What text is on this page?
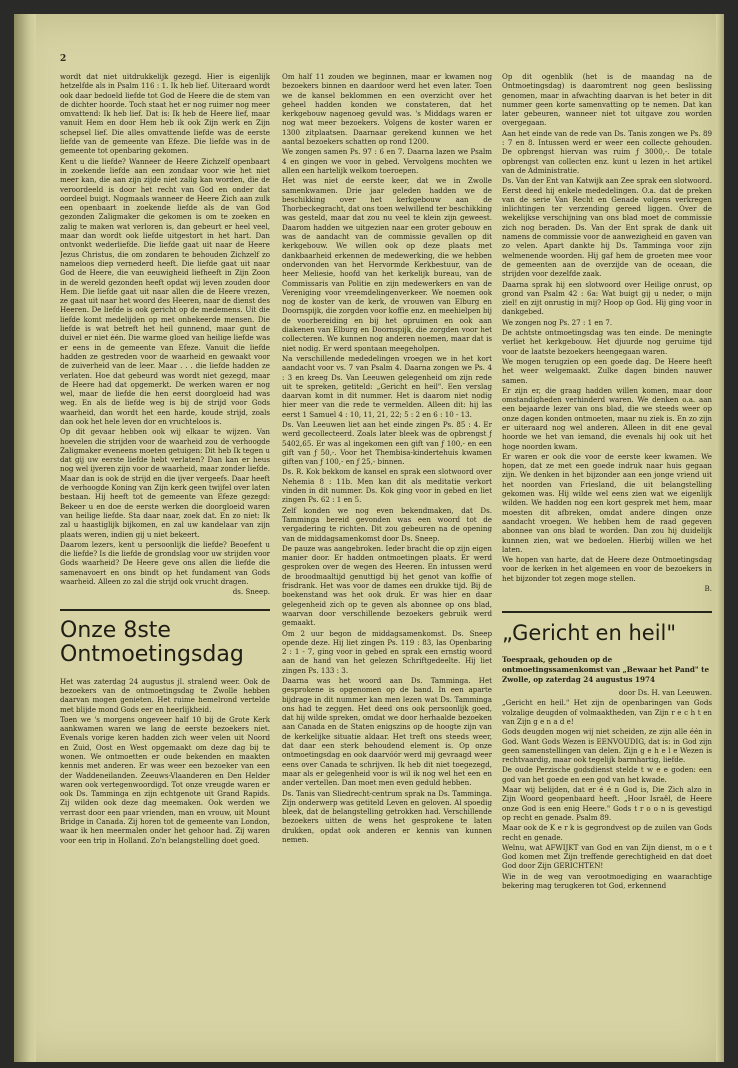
2

wordt dat niet uitdrukkelijk gezegd. Hier is eigenlijk hetzelfde als in Psalm 116 : 1. Ik heb lief. Uiteraard wordt ook daar bedoeld liefde tot God de Heere die de stem van de dichter hoorde. Toch staat het er nog ruimer nog meer omvattend: Ik heb lief. Dat is: Ik heb de Heere lief, maar vanuit Hem en door Hem heb ik ook Zijn werk en Zijn schepsel lief. Die alles omvattende liefde was de eerste liefde van de gemeente van Efeze. Die liefde was in de gemeente tot openbaring gekomen.

Kent u die liefde? Wanneer de Heere Zichzelf openbaart in zoekende liefde aan een zondaar voor wie het niet meer kan, die aan zijn zijde niet zalig kan worden, die de veroordeeld is door het recht van God en onder dat oordeel buigt. Nogmaals wanneer de Heere Zich aan zulk een openbaart in zoekende liefde als de van God gezonden Zaligmaker die gekomen is om te zoeken en zalig te maken wat verloren is, dan gebeurt er heel veel, maar dan wordt ook liefde uitgestort in het hart. Dan ontvonkt wederliefde. Die liefde gaat uit naar de Heere Jezus Christus, die om zondaren te behouden Zichzelf zo nameloos diep vernederd heeft. Die liefde gaat uit naar God de Heere, die van eeuwigheid liefheeft in Zijn Zoon in de wereld gezonden heeft opdat wij leven zouden door Hem. Die liefde gaat uit naar allen die de Heere vrezen, ze gaat uit naar het woord des Heeren, naar de dienst des Heeren. De liefde is ook gericht op de medemens. Uit die liefde komt medelijden op met onbekeerde mensen. Die liefde is wat betreft het heil gunnend, maar gunt de duivel er niet één. Die warme gloed van heilige liefde was er eens in de gemeente van Efeze. Vanuit die liefde hadden ze gestreden voor de waarheid en gewaakt voor de zuiverheid van de leer. Maar . . . die liefde hadden ze verlaten. Hoe dat gebeurd was wordt niet gezegd, maar de Heere had dat opgemerkt. De werken waren er nog wel, maar de liefde die hen eerst doorgloeid had was weg. En als de liefde weg is bij de strijd voor Gods waarheid, dan wordt het een harde, koude strijd, zoals dan ook het hele leven dor en vruchteloos is.

Op dit gevaar hebben ook wij elkaar te wijzen. Van hoevelen die strijden voor de waarheid zou de verhoogde Zaligmaker eveneens moeten getuigen: Dit heb Ik tegen u dat gij uw eerste liefde hebt verlaten? Dan kan er heus nog wel ijveren zijn voor de waarheid, maar zonder liefde. Maar dan is ook de strijd en die ijver vergeefs. Daar heeft de verhoogde Koning van Zijn kerk geen twijfel over laten bestaan. Hij heeft tot de gemeente van Efeze gezegd: Bekeer u en doe de eerste werken die doorgloeid waren van heilige liefde. Sta daar naar, zoek dat. En zo niet: Ik zal u haastiglijk bijkomen, en zal uw kandelaar van zijn plaats weren, indien gij u niet bekeert.

Daarom lezers, kent u persoonlijk die liefde? Beoefent u die liefde? Is die liefde de grondslag voor uw strijden voor Gods waarheid? De Heere geve ons allen die liefde die samenavoert en ons bindt op het fundament van Gods waarheid. Alleen zo zal die strijd ook vrucht dragen.

ds. Sneep.

Onze 8ste Ontmoetingsdag

Het was zaterdag 24 augustus jl. stralend weer. Ook de bezoekers van de ontmoetingsdag te Zwolle hebben daarvan mogen genieten. Het ruime hemelrond vertelde met blijde mond Gods eer en heerlijkheid.

Toen we 's morgens ongeveer half 10 bij de Grote Kerk aankwamen waren we lang de eerste bezoekers niet. Evenals vorige keren hadden zich weer velen uit Noord en Zuid, Oost en West opgemaakt om deze dag bij te wonen. We ontmoetten er oude bekenden en maakten kennis met anderen. Er was weer een bezoeker van een der Waddeneilanden. Zeeuws-Vlaanderen en Den Helder waren ook vertegenwoordigd. Tot onze vreugde waren er ook Ds. Tamminga en zijn echtgenote uit Grand Rapids. Zij wilden ook deze dag meemaken. Ook werden we verrast door een paar vrienden, man en vrouw, uit Mount Bridge in Canada. Zij horen tot de gemeente van London, waar ik hen meermalen onder het gehoor had. Zij waren voor een trip in Holland. Zo'n belangstelling doet goed.

Om half 11 zouden we beginnen, maar er kwamen nog bezoekers binnen en daardoor werd het even later. Toen we de kansel beklommen en een overzicht over het geheel hadden konden we constateren, dat het kerkgebouw nagenoeg gevuld was. 's Middags waren er nog wat meer bezoekers. Volgens de koster waren er 1300 zitplaatsen. Daarnaar gerekend kunnen we het aantal bezoekers schatten op rond 1200.

We zongen samen Ps. 97 : 6 en 7. Daarna lazen we Psalm 4 en gingen we voor in gebed. Vervolgens mochten we allen een hartelijk welkom toeroepen.

Het was niet de eerste keer, dat we in Zwolle samenkwamen. Drie jaar geleden hadden we de beschikking over het kerkgebouw aan de Thorbeckegracht, dat ons toen welwillend ter beschikking was gesteld, maar dat zou nu veel te klein zijn geweest. Daarom hadden we uitgezien naar een groter gebouw en was de aandacht van de commissie gevallen op dit kerkgebouw. We willen ook op deze plaats met dankbaarheid erkennen de medewerking, die we hebben ondervonden van het Hervormde Kerkbestuur, van de heer Meliesie, hoofd van het kerkelijk bureau, van de Commissaris van Politie en zijn medewerkers en van de Vereniging voor vreemdelingenverkeer. We noemen ook nog de koster van de kerk, de vrouwen van Elburg en Doornspijk, die zorgden voor koffie enz. en meehielpen bij de voorbereiding en bij het opruimen en ook aan diakenen van Elburg en Doornspijk, die zorgden voor het collecteren. We kunnen nog anderen noemen, maar dat is niet nodig. Er werd spontaan meegeholpen.

Na verschillende mededelingen vroegen we in het kort aandacht voor vs. 7 van Psalm 4. Daarna zongen we Ps. 4 : 3 en kreeg Ds. Van Leeuwen gelegenheid om zijn rede uit te spreken, getiteld: „Gericht en heil". Een verslag daarvan komt in dit nummer. Het is daarom niet nodig hier meer van die rede te vermelden. Alleen dit: hij las eerst 1 Samuel 4 : 10, 11, 21, 22; 5 : 2 en 6 : 10 - 13.

Ds. Van Leeuwen liet aan het einde zingen Ps. 85 : 4. Er werd gecollecteerd. Zoals later bleek was de opbrengst ƒ 5402,65. Er was al ingekomen een gift van ƒ 100,- en een gift van ƒ 50,-. Voor het Thembisa-kindertehuis kwamen giften van ƒ 100,- en ƒ 25,- binnen.

Ds. R. Kok bekkom de kansel en sprak een slotwoord over Nehemia 8 : 11b. Men kan dit als meditatie verkort vinden in dit nummer. Ds. Kok ging voor in gebed en liet zingen Ps. 62 : 1 en 5.

Zelf konden we nog even bekendmaken, dat Ds. Tamminga bereid gevonden was een woord tot de vergadering te richten. Dit zou gebeuren na de opening van de middagsamenkomst door Ds. Sneep.

De pauze was aangebroken. Ieder bracht die op zijn eigen manier door. Er hadden ontmoetingen plaats. Er werd gesproken over de wegen des Heeren. En intussen werd de broodmaaltijd genuttigd bij het genot van koffie of frisdrank. Het was voor de dames een drukke tijd. Bij de boekenstand was het ook druk. Er was hier en daar gelegenheid zich op te geven als abonnee op ons blad, waarvan door verschillende bezoekers gebruik werd gemaakt.

Om 2 uur begon de middagsamenkomst. Ds. Sneep opende deze. Hij liet zingen Ps. 119 : 83, las Openbaring 2 : 1 - 7, ging voor in gebed en sprak een ernstig woord aan de hand van het gelezen Schriftgedeelte. Hij liet zingen Ps. 133 : 3.

Daarna was het woord aan Ds. Tamminga. Het gesprokene is opgenomen op de band. In een aparte bijdrage in dit nummer kan men lezen wat Ds. Tamminga ons had te zeggen. Het deed ons ook persoonlijk goed, dat hij wilde spreken, omdat we door herhaalde bezoeken aan Canada en de Staten enigszins op de hoogte zijn van de kerkelijke situatie aldaar. Het treft ons steeds weer, dat daar een sterk behoudend element is. Op onze ontmoetingsdag en ook daarvóór werd mij gevraagd weer eens over Canada te schrijven. Ik heb dit niet toegezegd, maar als er gelegenheid voor is wil ik nog wel het een en ander vertellen. Dan moet men even geduld hebben.

Ds. Tanis van Sliedrecht-centrum sprak na Ds. Tamminga. Zijn onderwerp was getiteld Leven en geloven. Al spoedig bleek, dat de belangstelling getrokken had. Verschillende bezoekers uitten de wens het gesprokene te laten drukken, opdat ook anderen er kennis van kunnen nemen.

Op dit ogenblik (het is de maandag na de Ontmoetingsdag) is daaromtrent nog geen beslissing genomen, maar in afwachting daarvan is het beter in dit nummer geen korte samenvatting op te nemen. Dat kan later gebeuren, wanneer niet tot uitgave zou worden overgegaan.

Aan het einde van de rede van Ds. Tanis zongen we Ps. 89 : 7 en 8. Intussen werd er weer een collecte gehouden. De opbrengst hiervan was ruim ƒ 3000,-. De totale opbrengst van collecten enz. kunt u lezen in het artikel van de Administratie.

Ds. Van der Ent van Katwijk aan Zee sprak een slotwoord. Eerst deed hij enkele mededelingen. O.a. dat de preken van de serie Van Recht en Genade volgens verkregen inlichtingen ter verzending gereed liggen. Over de wekelijkse verschijning van ons blad moet de commissie zich nog beraden. Ds. Van der Ent sprak de dank uit namens de commissie voor de aanwezigheid en gaven van zo velen. Apart dankte hij Ds. Tamminga voor zijn welmenende woorden. Hij gaf hem de groeten mee voor de gemeenten aan de overzijde van de oceaan, die strijden voor dezelfde zaak.

Daarna sprak hij een slotwoord over Heilige onrust, op grond van Psalm 42 : 6a: Wat buigt gij u neder, o mijn ziel! en zijt onrustig in mij? Hoop op God. Hij ging voor in dankgebed.

We zongen nog Ps. 27 : 1 en 7.

De achtste ontmoetingsdag was ten einde. De meningte verliet het kerkgebouw. Het djuurde nog geruime tijd voor de laatste bezoekers heengegaan waren.

We mogen terugzien op een goede dag. De Heere heeft het weer welgemaakt. Zulke dagen binden nauwer samen.

Er zijn er, die graag hadden willen komen, maar door omstandigheden verhinderd waren. We denken o.a. aan een bejaarde lezer van ons blad, die we steeds weer op onze dagen konden ontmoeten, maar nu ziek is. En zo zijn er uiteraard nog wel anderen. Alleen in dit ene geval hoorde we het van iemand, die evenals hij ook uit het hoge noorden kwam.

Er waren er ook die voor de eerste keer kwamen. We hopen, dat ze met een goede indruk naar huis gegaan zijn. We denken in het bijzonder aan een jonge vriend uit het noorden van Friesland, die uit belangstelling gekomen was. Hij wilde wel eens zien wat we eigenlijk wilden. We hadden nog een kort gesprek met hem, maar moesten dit afbreken, omdat andere dingen onze aandacht vroegen. We hebben hem de raad gegeven abonnee van ons blad te worden. Dan zou hij duidelijk kunnen zien, wat we bedoelen. Hierbij willen we het laten.

We hopen van harte, dat de Heere deze Ontmoetingsdag voor de kerken in het algemeen en voor de bezoekers in het bijzonder tot zegen moge stellen.

B.

„Gericht en heil"

Toespraak, gehouden op de ontmoetingssamenkomst van „Bewaar het Pand" te Zwolle, op zaterdag 24 augustus 1974

door Ds. H. van Leeuwen.

„Gericht en heil." Het zijn de openbaringen van Gods volzalige deugden of volmaaktheden, van Zijn r e c h t en van Zijn g e n a d e!

Gods deugden mogen wij niet scheiden, ze zijn alle één in God. Want Gods Wezen is EENVOUDIG, dat is: in God zijn geen samenstellingen van delen. Zijn g e h e l e Wezen is rechtvaardig, maar ook tegelijk barmhartig, liefde.

De oude Perzische godsdienst stelde t w e e goden: een god van het goede en een god van het kwade.

Maar wij belijden, dat er é é n God is, Die Zich alzo in Zijn Woord geopenbaard heeft. „Hoor Israël, de Heere onze God is een enig Heere." Gods t r o o n is gevestigd op recht en genade. Psalm 89.

Maar ook de K e r k is gegrondvest op de zuilen van Gods recht en genade.

Welnu, wat AFWIJKT van God en van Zijn dienst, m o e t God komen met Zijn treffende gerechtigheid en dat doet God door Zijn GERICHTEN!

Wie in de weg van verootmoediging en waarachtige bekering mag terugkeren tot God, erkennend
